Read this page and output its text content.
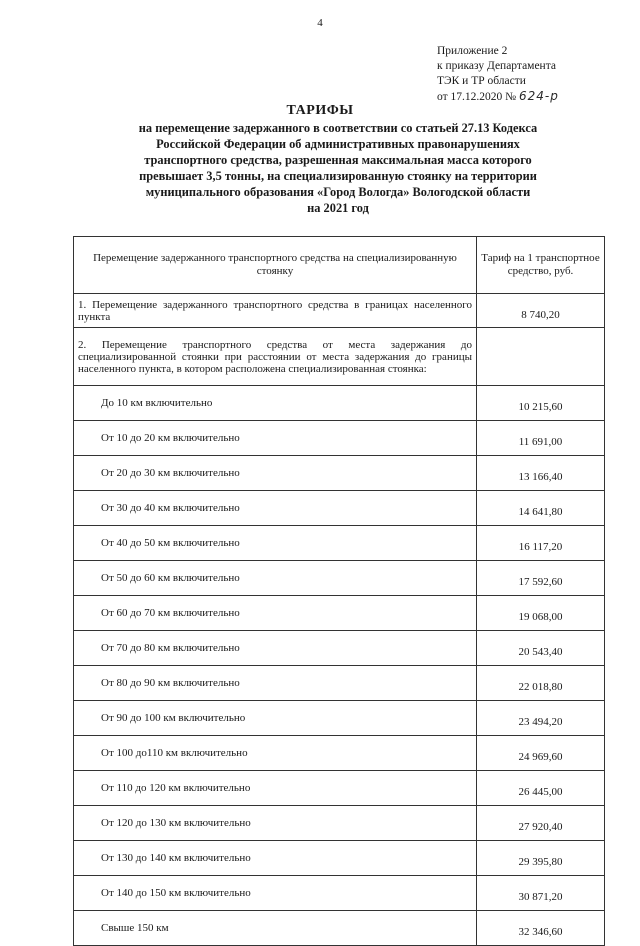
4
Приложение 2
к приказу Департамента
ТЭК и ТР области
от 17.12.2020 № 624-р
ТАРИФЫ
на перемещение задержанного в соответствии со статьей 27.13 Кодекса
Российской Федерации об административных правонарушениях
транспортного средства, разрешенная максимальная масса которого
превышает 3,5 тонны, на специализированную стоянку на территории
муниципального образования «Город Вологда» Вологодской области
на 2021 год
Перемещение задержанного транспортного средства на специализированную стоянку	Тариф на 1 транспортное средство, руб.
1. Перемещение задержанного транспортного средства в границах населенного пункта	8 740,20
2. Перемещение транспортного средства от места задержания до специализированной стоянки при расстоянии от места задержания до границы населенного пункта, в котором расположена специализированная стоянка:	
До 10 км включительно	10 215,60
От 10 до 20 км включительно	11 691,00
От 20 до 30 км включительно	13 166,40
От 30 до 40 км включительно	14 641,80
От 40 до 50 км включительно	16 117,20
От 50 до 60 км включительно	17 592,60
От 60 до 70 км включительно	19 068,00
От 70 до 80 км включительно	20 543,40
От 80 до 90 км включительно	22 018,80
От 90 до 100 км включительно	23 494,20
От 100 до110 км включительно	24 969,60
От 110 до 120 км включительно	26 445,00
От 120 до 130 км включительно	27 920,40
От 130 до 140 км включительно	29 395,80
От 140 до 150 км включительно	30 871,20
Свыше 150 км	32 346,60
